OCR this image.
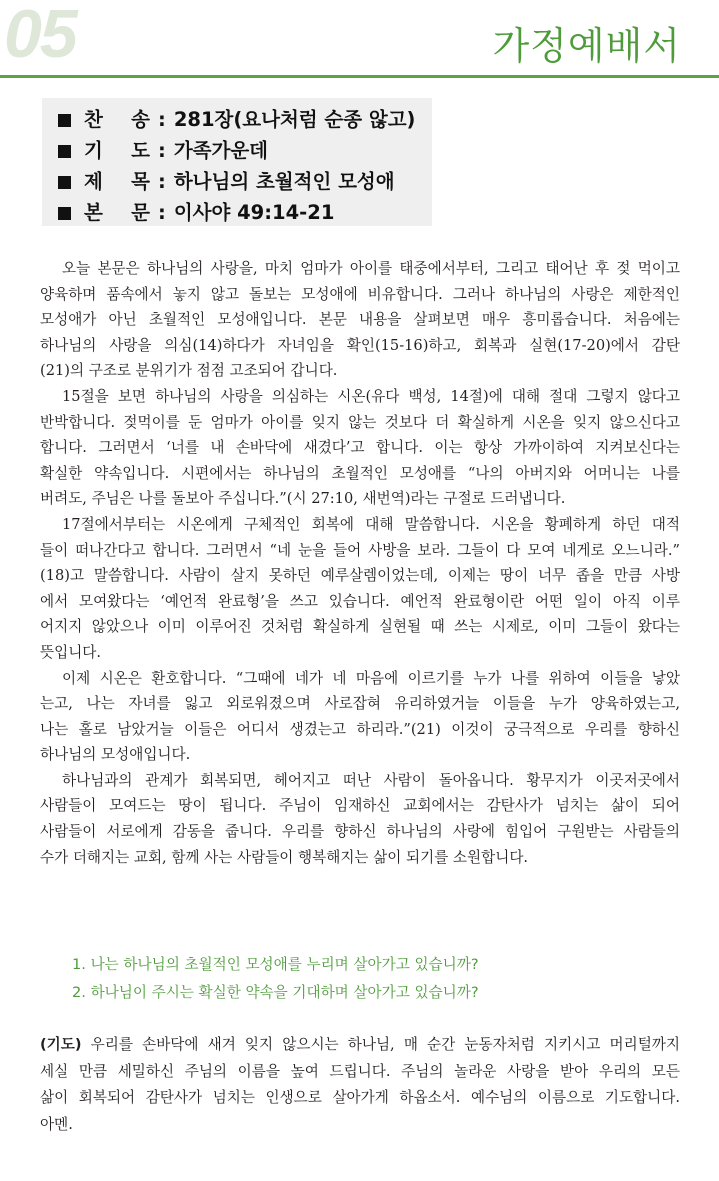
05	가정예배서
찬 송 : 281장(요나처럼 순종 않고)
기 도 : 가족가운데
제 목 : 하나님의 초월적인 모성애
본 문 : 이사야 49:14-21
오늘 본문은 하나님의 사랑을, 마치 엄마가 아이를 태중에서부터, 그리고 태어난 후 젖 먹이고
양육하며 품속에서 놓지 않고 돌보는 모성애에 비유합니다. 그러나 하나님의 사랑은 제한적인
모성애가 아닌 초월적인 모성애입니다. 본문 내용을 살펴보면 매우 흥미롭습니다. 처음에는
하나님의 사랑을 의심(14)하다가 자녀임을 확인(15-16)하고, 회복과 실현(17-20)에서 감탄
(21)의 구조로 분위기가 점점 고조되어 갑니다.
15절을 보면 하나님의 사랑을 의심하는 시온(유다 백성, 14절)에 대해 절대 그렇지 않다고
반박합니다. 젖먹이를 둔 엄마가 아이를 잊지 않는 것보다 더 확실하게 시온을 잊지 않으신다고
합니다. 그러면서 ‘너를 내 손바닥에 새겼다’고 합니다. 이는 항상 가까이하여 지켜보신다는
확실한 약속입니다. 시편에서는 하나님의 초월적인 모성애를 “나의 아버지와 어머니는 나를
버려도, 주님은 나를 돌보아 주십니다.”(시 27:10, 새번역)라는 구절로 드러냅니다.
17절에서부터는 시온에게 구체적인 회복에 대해 말씀합니다. 시온을 황폐하게 하던 대적
들이 떠나간다고 합니다. 그러면서 “네 눈을 들어 사방을 보라. 그들이 다 모여 네게로 오느니라.”
(18)고 말씀합니다. 사람이 살지 못하던 예루살렘이었는데, 이제는 땅이 너무 좁을 만큼 사방
에서 모여왔다는 ‘예언적 완료형’을 쓰고 있습니다. 예언적 완료형이란 어떤 일이 아직 이루
어지지 않았으나 이미 이루어진 것처럼 확실하게 실현될 때 쓰는 시제로, 이미 그들이 왔다는
뜻입니다.
이제 시온은 환호합니다. “그때에 네가 네 마음에 이르기를 누가 나를 위하여 이들을 낳았
는고, 나는 자녀를 잃고 외로워졌으며 사로잡혀 유리하였거늘 이들을 누가 양육하였는고,
나는 홀로 남았거늘 이들은 어디서 생겼는고 하리라.”(21) 이것이 궁극적으로 우리를 향하신
하나님의 모성애입니다.
하나님과의 관계가 회복되면, 헤어지고 떠난 사람이 돌아옵니다. 황무지가 이곳저곳에서
사람들이 모여드는 땅이 됩니다. 주님이 임재하신 교회에서는 감탄사가 넘치는 삶이 되어
사람들이 서로에게 감동을 줍니다. 우리를 향하신 하나님의 사랑에 힘입어 구원받는 사람들의
수가 더해지는 교회, 함께 사는 사람들이 행복해지는 삶이 되기를 소원합니다.
1. 나는 하나님의 초월적인 모성애를 누리며 살아가고 있습니까?
2. 하나님이 주시는 확실한 약속을 기대하며 살아가고 있습니까?
(기도) 우리를 손바닥에 새겨 잊지 않으시는 하나님, 매 순간 눈동자처럼 지키시고 머리털까지
세실 만큼 세밀하신 주님의 이름을 높여 드립니다. 주님의 놀라운 사랑을 받아 우리의 모든
삶이 회복되어 감탄사가 넘치는 인생으로 살아가게 하옵소서. 예수님의 이름으로 기도합니다.
아멘.
